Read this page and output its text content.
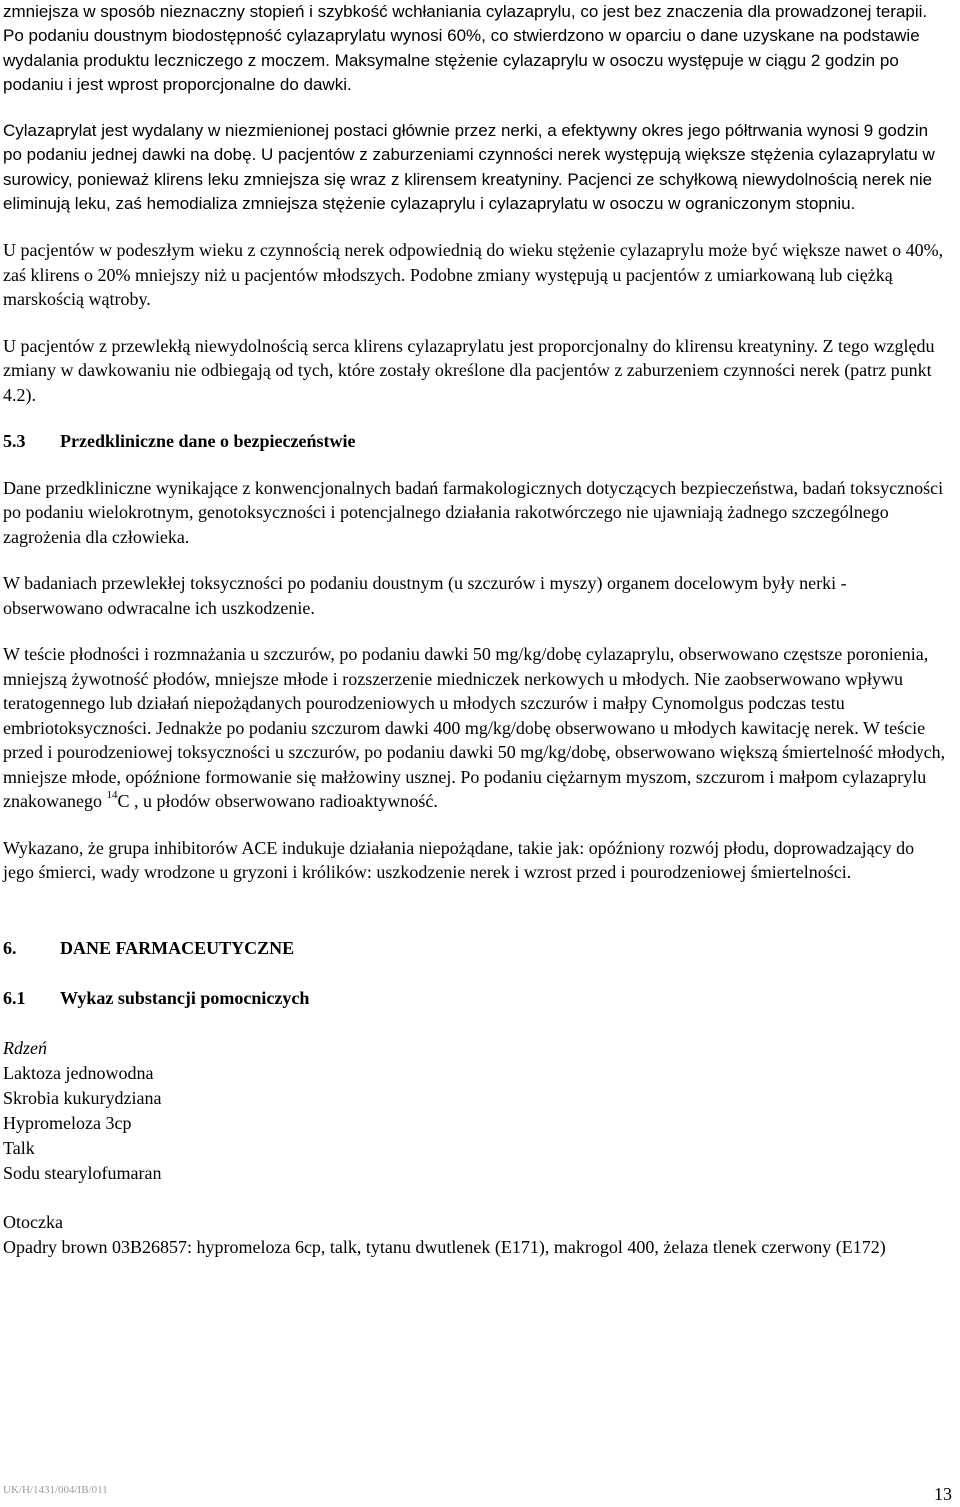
zmniejsza w sposób nieznaczny stopień i szybkość wchłaniania cylazaprylu, co jest bez znaczenia dla prowadzonej terapii. Po podaniu doustnym biodostępność cylazaprylatu wynosi 60%, co stwierdzono w oparciu o dane uzyskane na podstawie wydalania produktu leczniczego z moczem. Maksymalne stężenie cylazaprylu w osoczu występuje w ciągu 2 godzin po podaniu i jest wprost proporcjonalne do dawki.

Cylazaprylat jest wydalany w niezmienionej postaci głównie przez nerki, a efektywny okres jego półtrwania wynosi 9 godzin po podaniu jednej dawki na dobę. U pacjentów z zaburzeniami czynności nerek występują większe stężenia cylazaprylatu w surowicy, ponieważ klirens leku zmniejsza się wraz z klirensem kreatyniny. Pacjenci ze schyłkową niewydolnością nerek nie eliminują leku, zaś hemodializa zmniejsza stężenie cylazaprylu i cylazaprylatu w osoczu w ograniczonym stopniu.

U pacjentów w podeszłym wieku z czynnością nerek odpowiednią do wieku stężenie cylazaprylu może być większe nawet o 40%, zaś klirens o 20% mniejszy niż u pacjentów młodszych. Podobne zmiany występują u pacjentów z umiarkowaną lub ciężką marskością wątroby.

U pacjentów z przewlekłą niewydolnością serca klirens cylazaprylatu jest proporcjonalny do klirensu kreatyniny. Z tego względu zmiany w dawkowaniu nie odbiegają od tych, które zostały określone dla pacjentów z zaburzeniem czynności nerek (patrz punkt 4.2).

5.3	Przedkliniczne dane o bezpieczeństwie

Dane przedkliniczne wynikające z konwencjonalnych badań farmakologicznych dotyczących bezpieczeństwa, badań toksyczności po podaniu wielokrotnym, genotoksyczności i potencjalnego działania rakotwórczego nie ujawniają żadnego szczególnego zagrożenia dla człowieka.

W badaniach przewlekłej toksyczności po podaniu doustnym (u szczurów i myszy) organem docelowym były nerki - obserwowano odwracalne ich uszkodzenie.

W teście płodności i rozmnażania u szczurów, po podaniu dawki 50 mg/kg/dobę cylazaprylu, obserwowano częstsze poronienia, mniejszą żywotność płodów, mniejsze młode i rozszerzenie miedniczek nerkowych u młodych. Nie zaobserwowano wpływu teratogennego lub działań niepożądanych pourodzeniowych u młodych szczurów i małpy Cynomolgus podczas testu embriotoksyczności. Jednakże po podaniu szczurom dawki 400 mg/kg/dobę obserwowano u młodych kawitację nerek. W teście przed i pourodzeniowej toksyczności u szczurów, po podaniu dawki 50 mg/kg/dobę, obserwowano większą śmiertelność młodych, mniejsze młode, opóźnione formowanie się małżowiny usznej. Po podaniu ciężarnym myszom, szczurom i małpom cylazaprylu znakowanego $^{14}$C , u płodów obserwowano radioaktywność.

Wykazano, że grupa inhibitorów ACE indukuje działania niepożądane, takie jak: opóźniony rozwój płodu, doprowadzający do jego śmierci, wady wrodzone u gryzoni i królików: uszkodzenie nerek i wzrost przed i pourodzeniowej śmiertelności.

6.	DANE FARMACEUTYCZNE
6.1	Wykaz substancji pomocniczych
Rdzeń
Laktoza jednowodna
Skrobia kukurydziana
Hypromeloza 3cp
Talk
Sodu stearylofumaran
Otoczka

Opadry brown 03B26857: hypromeloza 6cp, talk, tytanu dwutlenek (E171), makrogol 400, żelaza tlenek czerwony (E172)

UK/H/1431/004/IB/011	13
